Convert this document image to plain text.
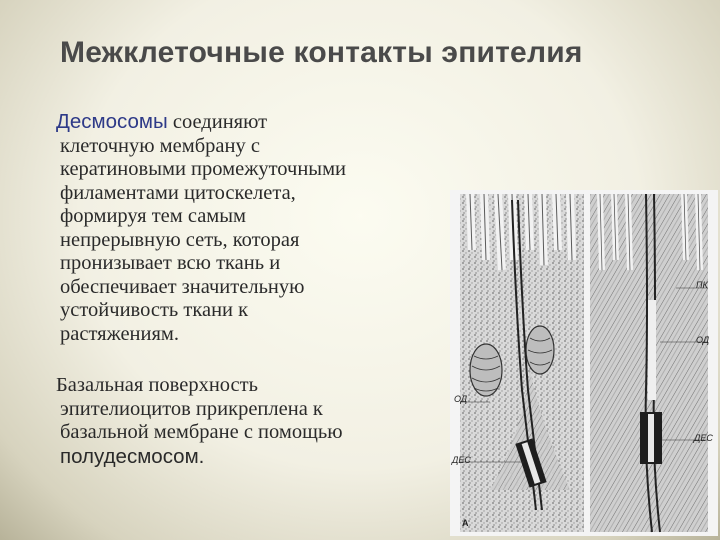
Межклеточные контакты эпителия
Десмосомы соединяют
клеточную мембрану с
кератиновыми промежуточными
филаментами цитоскелета,
формируя тем самым
непрерывную сеть, которая
пронизывает всю ткань и
обеспечивает значительную
устойчивость ткани к
растяжениям.
Базальная поверхность
эпителиоцитов прикреплена к
базальной мембране с помощью
полудесмосом.
ПК
ОД
ОД
ДЕС
ДЕС
А
